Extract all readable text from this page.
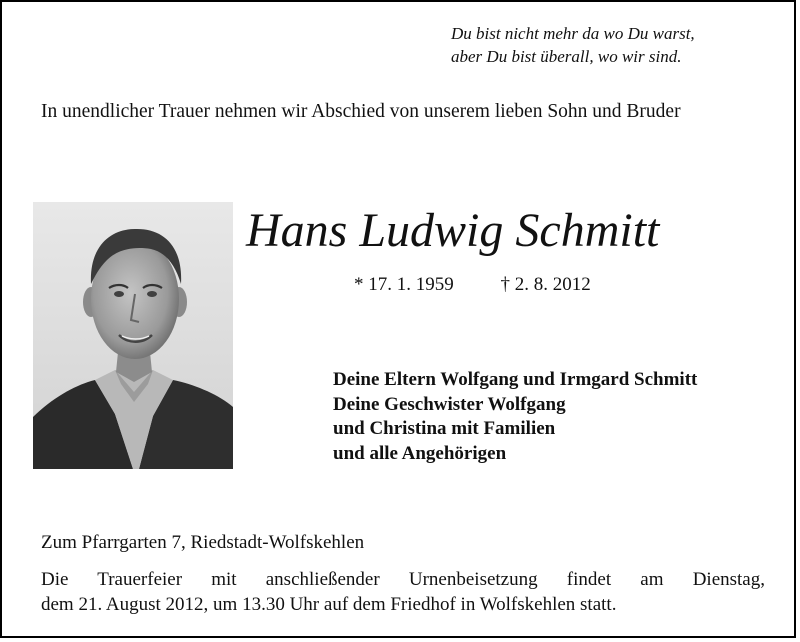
Du bist nicht mehr da wo Du warst,
aber Du bist überall, wo wir sind.
In unendlicher Trauer nehmen wir Abschied von unserem lieben Sohn und Bruder
Hans Ludwig Schmitt
* 17. 1. 1959 † 2. 8. 2012
Deine Eltern Wolfgang und Irmgard Schmitt
Deine Geschwister Wolfgang
und Christina mit Familien
und alle Angehörigen
Zum Pfarrgarten 7, Riedstadt-Wolfskehlen
Die Trauerfeier mit anschließender Urnenbeisetzung findet am Dienstag,
dem 21. August 2012, um 13.30 Uhr auf dem Friedhof in Wolfskehlen statt.
